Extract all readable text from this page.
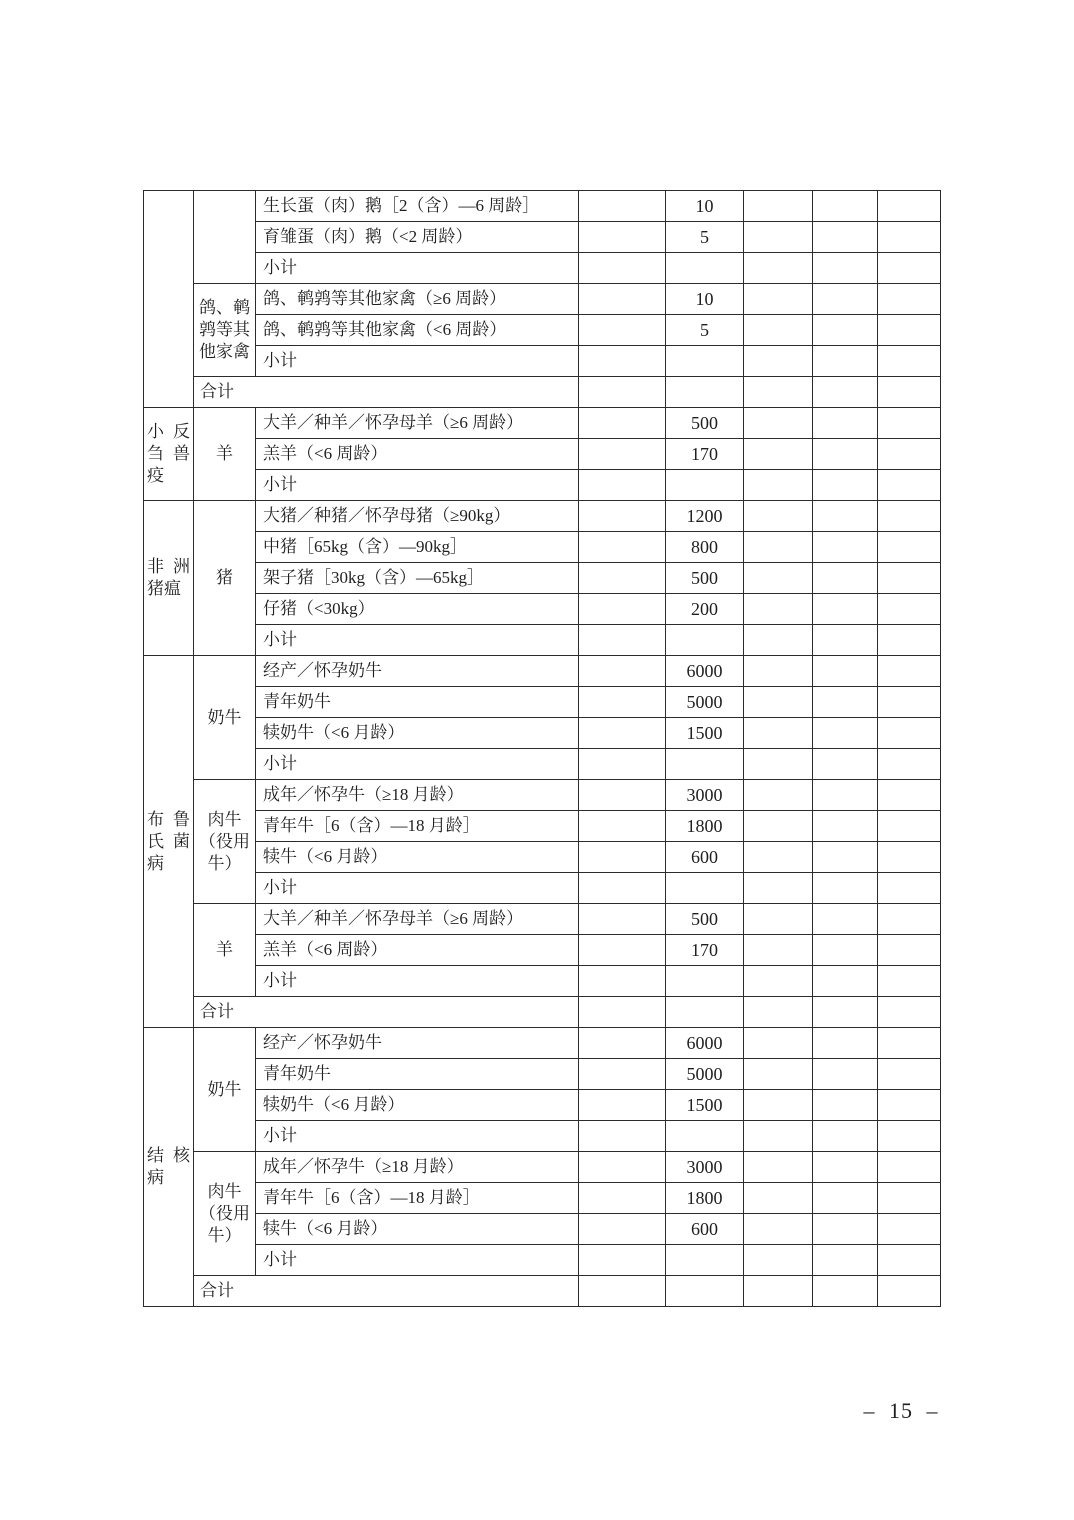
		生长蛋（肉）鹅［2（含）—6 周龄］		10			
		育雏蛋（肉）鹅（<2 周龄）		5			
		小计					
	鸽、鹌鹑等其他家禽	鸽、鹌鹑等其他家禽（≥6 周龄）		10			
		鸽、鹌鹑等其他家禽（<6 周龄）		5			
		小计					
	合计						
小反刍兽疫	羊	大羊／种羊／怀孕母羊（≥6 周龄）		500			
		羔羊（<6 周龄）		170			
		小计					
非洲猪瘟	猪	大猪／种猪／怀孕母猪（≥90kg）		1200			
		中猪［65kg（含）—90kg］		800			
		架子猪［30kg（含）—65kg］		500			
		仔猪（<30kg）		200			
		小计					
布鲁氏菌病	奶牛	经产／怀孕奶牛		6000			
		青年奶牛		5000			
		犊奶牛（<6 月龄）		1500			
		小计					
	肉牛（役用牛）	成年／怀孕牛（≥18 月龄）		3000			
		青年牛［6（含）—18 月龄］		1800			
		犊牛（<6 月龄）		600			
		小计					
	羊	大羊／种羊／怀孕母羊（≥6 周龄）		500			
		羔羊（<6 周龄）		170			
		小计					
	合计						
结核病	奶牛	经产／怀孕奶牛		6000			
		青年奶牛		5000			
		犊奶牛（<6 月龄）		1500			
		小计					
	肉牛（役用牛）	成年／怀孕牛（≥18 月龄）		3000			
		青年牛［6（含）—18 月龄］		1800			
		犊牛（<6 月龄）		600			
		小计					
	合计						
– 15 –
